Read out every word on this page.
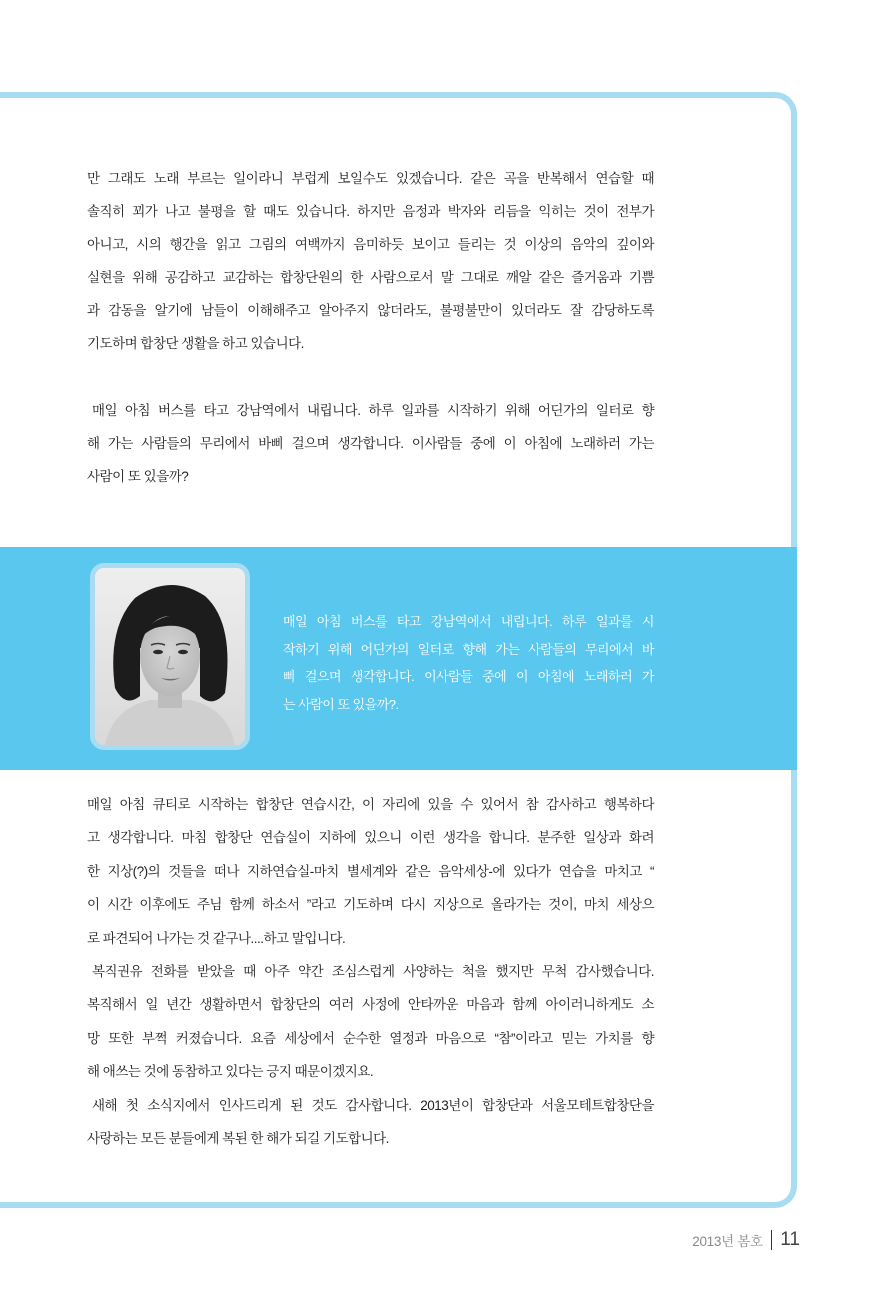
만 그래도 노래 부르는 일이라니 부럽게 보일수도 있겠습니다. 같은 곡을 반복해서 연습할 때
솔직히 꾀가 나고 불평을 할 때도 있습니다. 하지만 음정과 박자와 리듬을 익히는 것이 전부가
아니고, 시의 행간을 읽고 그림의 여백까지 음미하듯 보이고 들리는 것 이상의 음악의 깊이와
실현을 위해 공감하고 교감하는 합창단원의 한 사람으로서 말 그대로 깨알 같은 즐거움과 기쁨
과 감동을 알기에 남들이 이해해주고 알아주지 않더라도, 불평불만이 있더라도 잘 감당하도록
기도하며 합창단 생활을 하고 있습니다.
매일 아침 버스를 타고 강남역에서 내립니다. 하루 일과를 시작하기 위해 어딘가의 일터로 향
해 가는 사람들의 무리에서 바삐 걸으며 생각합니다. 이사람들 중에 이 아침에 노래하러 가는
사람이 또 있을까?
매일 아침 버스를 타고 강남역에서 내립니다. 하루 일과를 시
작하기 위해 어딘가의 일터로 향해 가는 사람들의 무리에서 바
삐 걸으며 생각합니다. 이사람들 중에 이 아침에 노래하러 가
는 사람이 또 있을까?.
매일 아침 큐티로 시작하는 합창단 연습시간, 이 자리에 있을 수 있어서 참 감사하고 행복하다
고 생각합니다. 마침 합창단 연습실이 지하에 있으니 이런 생각을 합니다. 분주한 일상과 화려
한 지상(?)의 것들을 떠나 지하연습실-마치 별세계와 같은 음악세상-에 있다가 연습을 마치고 “
이 시간 이후에도 주님 함께 하소서 ”라고 기도하며 다시 지상으로 올라가는 것이, 마치 세상으
로 파견되어 나가는 것 같구나....하고 말입니다.
복직권유 전화를 받았을 때 아주 약간 조심스럽게 사양하는 척을 했지만 무척 감사했습니다.
복직해서 일 년간 생활하면서 합창단의 여러 사정에 안타까운 마음과 함께 아이러니하게도 소
망 또한 부쩍 커졌습니다. 요즘 세상에서 순수한 열정과 마음으로 “참”이라고 믿는 가치를 향
해 애쓰는 것에 동참하고 있다는 긍지 때문이겠지요.
새해 첫 소식지에서 인사드리게 된 것도 감사합니다. 2013년이 합창단과 서울모테트합창단을
사랑하는 모든 분들에게 복된 한 해가 되길 기도합니다.
2013년 봄호 11
